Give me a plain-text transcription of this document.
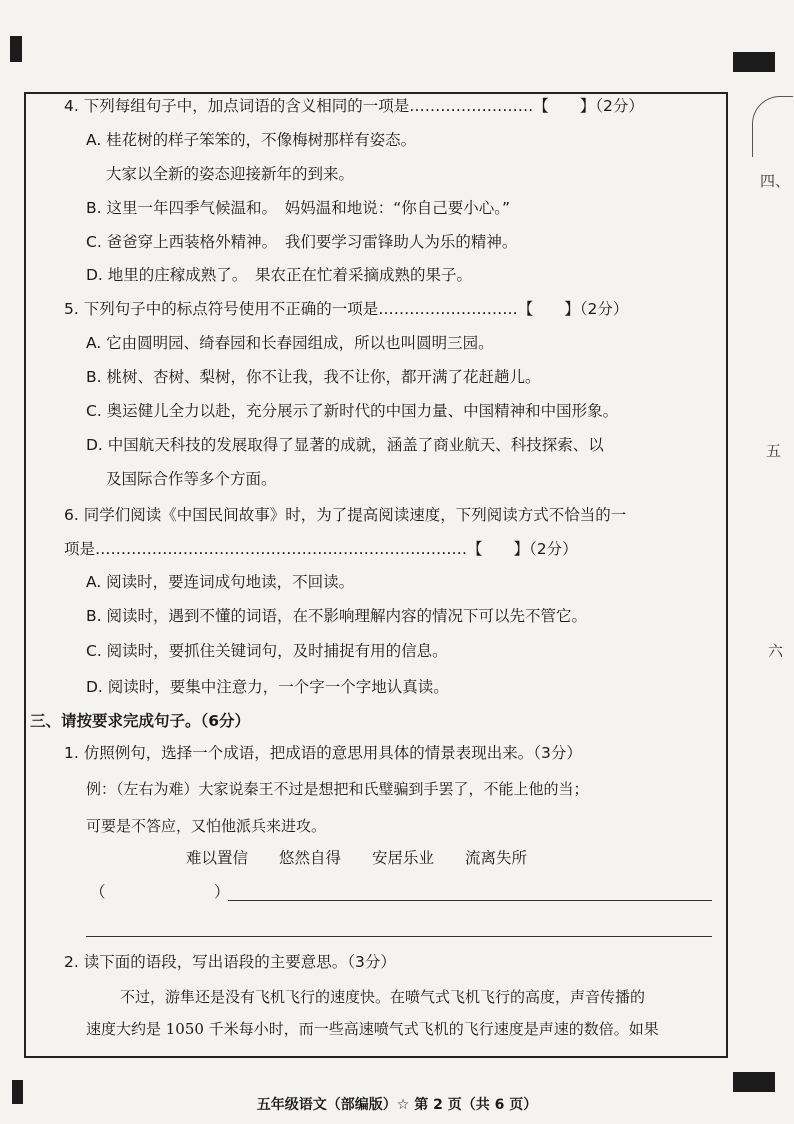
四、
五
六
4. 下列每组句子中，加点词语的含义相同的一项是……………………【　　】（2分）
A. 桂花树的样子笨笨的，不像梅树那样有姿态。
大家以全新的姿态迎接新年的到来。
B. 这里一年四季气候温和。　妈妈温和地说：“你自己要小心。”
C. 爸爸穿上西装格外精神。　我们要学习雷锋助人为乐的精神。
D. 地里的庄稼成熟了。　果农正在忙着采摘成熟的果子。
5. 下列句子中的标点符号使用不正确的一项是………………………【　　】（2分）
A. 它由圆明园、绮春园和长春园组成，所以也叫圆明三园。
B. 桃树、杏树、梨树，你不让我，我不让你，都开满了花赶趟儿。
C. 奥运健儿全力以赴，充分展示了新时代的中国力量、中国精神和中国形象。
D. 中国航天科技的发展取得了显著的成就，涵盖了商业航天、科技探索、以
及国际合作等多个方面。
6. 同学们阅读《中国民间故事》时，为了提高阅读速度，下列阅读方式不恰当的一
项是………………………………………………………………【　　】（2分）
A. 阅读时，要连词成句地读，不回读。
B. 阅读时，遇到不懂的词语，在不影响理解内容的情况下可以先不管它。
C. 阅读时，要抓住关键词句，及时捕捉有用的信息。
D. 阅读时，要集中注意力，一个字一个字地认真读。
三、请按要求完成句子。（6分）
1. 仿照例句，选择一个成语，把成语的意思用具体的情景表现出来。（3分）
例：（左右为难）大家说秦王不过是想把和氏璧骗到手罢了，不能上他的当；
可要是不答应，又怕他派兵来进攻。
难以置信　　悠然自得　　安居乐业　　流离失所
（	）
2. 读下面的语段，写出语段的主要意思。（3分）
不过，游隼还是没有飞机飞行的速度快。在喷气式飞机飞行的高度，声音传播的
速度大约是 1050 千米每小时，而一些高速喷气式飞机的飞行速度是声速的数倍。如果
五年级语文（部编版）☆ 第 2 页（共 6 页）
